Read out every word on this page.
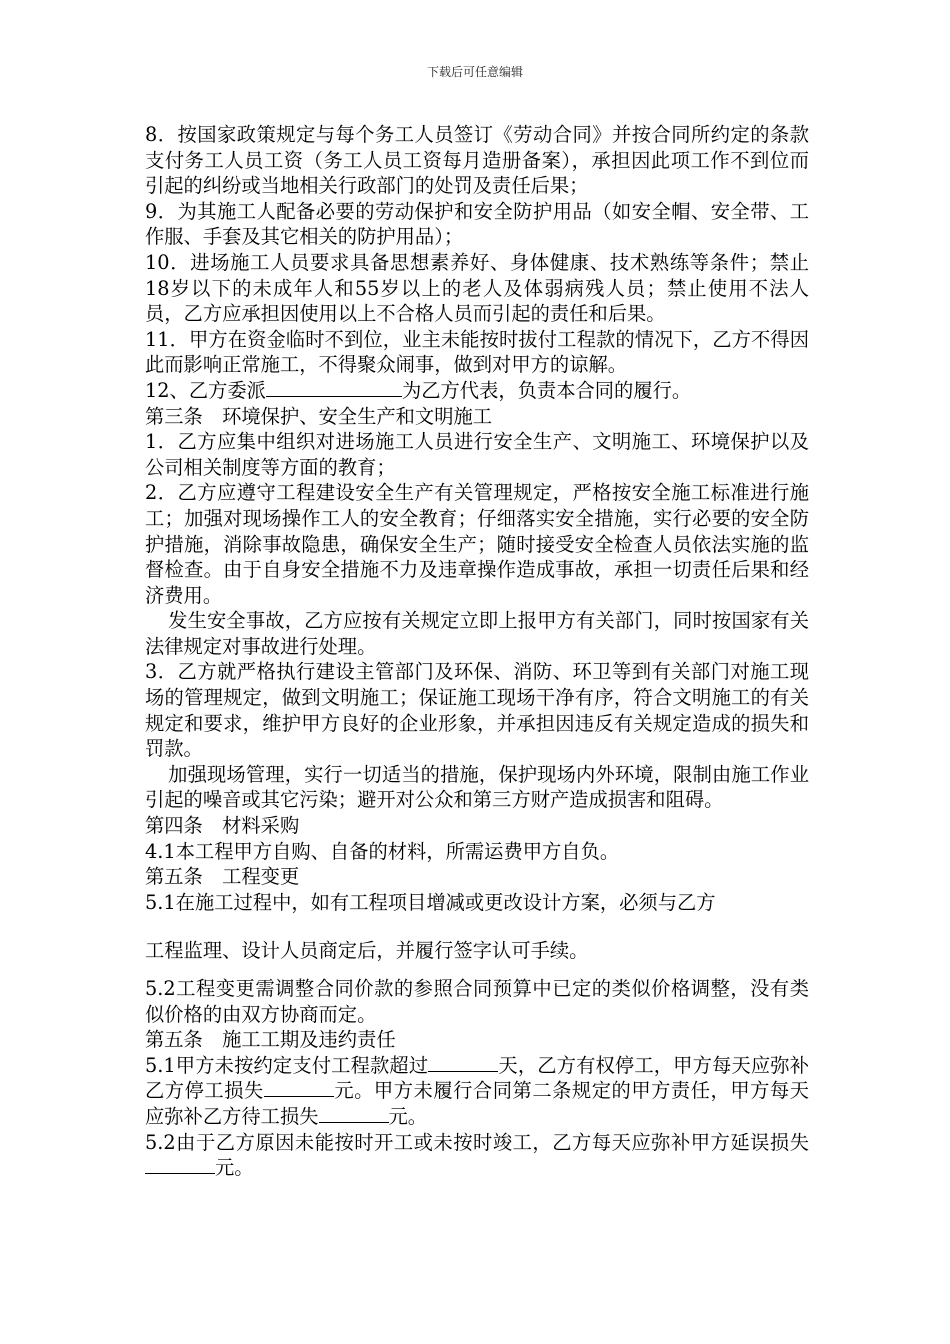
下载后可任意编辑

8．按国家政策规定与每个务工人员签订《劳动合同》并按合同所约定的条款支付务工人员工资（务工人员工资每月造册备案），承担因此项工作不到位而引起的纠纷或当地相关行政部门的处罚及责任后果；

9．为其施工人配备必要的劳动保护和安全防护用品（如安全帽、安全带、工作服、手套及其它相关的防护用品）；

10．进场施工人员要求具备思想素养好、身体健康、技术熟练等条件；禁止18岁以下的未成年人和55岁以上的老人及体弱病残人员；禁止使用不法人员，乙方应承担因使用以上不合格人员而引起的责任和后果。

11．甲方在资金临时不到位，业主未能按时拔付工程款的情况下，乙方不得因此而影响正常施工，不得聚众闹事，做到对甲方的谅解。

12、乙方委派	为乙方代表，负责本合同的履行。

第三条　环境保护、安全生产和文明施工

1．乙方应集中组织对进场施工人员进行安全生产、文明施工、环境保护以及公司相关制度等方面的教育；

2．乙方应遵守工程建设安全生产有关管理规定，严格按安全施工标准进行施工；加强对现场操作工人的安全教育；仔细落实安全措施，实行必要的安全防护措施，消除事故隐患，确保安全生产；随时接受安全检查人员依法实施的监督检查。由于自身安全措施不力及违章操作造成事故，承担一切责任后果和经济费用。

发生安全事故，乙方应按有关规定立即上报甲方有关部门，同时按国家有关法律规定对事故进行处理。

3．乙方就严格执行建设主管部门及环保、消防、环卫等到有关部门对施工现场的管理规定，做到文明施工；保证施工现场干净有序，符合文明施工的有关规定和要求，维护甲方良好的企业形象，并承担因违反有关规定造成的损失和罚款。

加强现场管理，实行一切适当的措施，保护现场内外环境，限制由施工作业引起的噪音或其它污染；避开对公众和第三方财产造成损害和阻碍。

第四条　材料采购

4.1本工程甲方自购、自备的材料，所需运费甲方自负。

第五条　工程变更

5.1在施工过程中，如有工程项目增减或更改设计方案，必须与乙方

工程监理、设计人员商定后，并履行签字认可手续。

5.2工程变更需调整合同价款的参照合同预算中已定的类似价格调整，没有类似价格的由双方协商而定。

第五条　施工工期及违约责任

5.1甲方未按约定支付工程款超过	天，乙方有权停工，甲方每天应弥补乙方停工损失	元。甲方未履行合同第二条规定的甲方责任，甲方每天应弥补乙方待工损失	元。

5.2由于乙方原因未能按时开工或未按时竣工，乙方每天应弥补甲方延误损失元。
